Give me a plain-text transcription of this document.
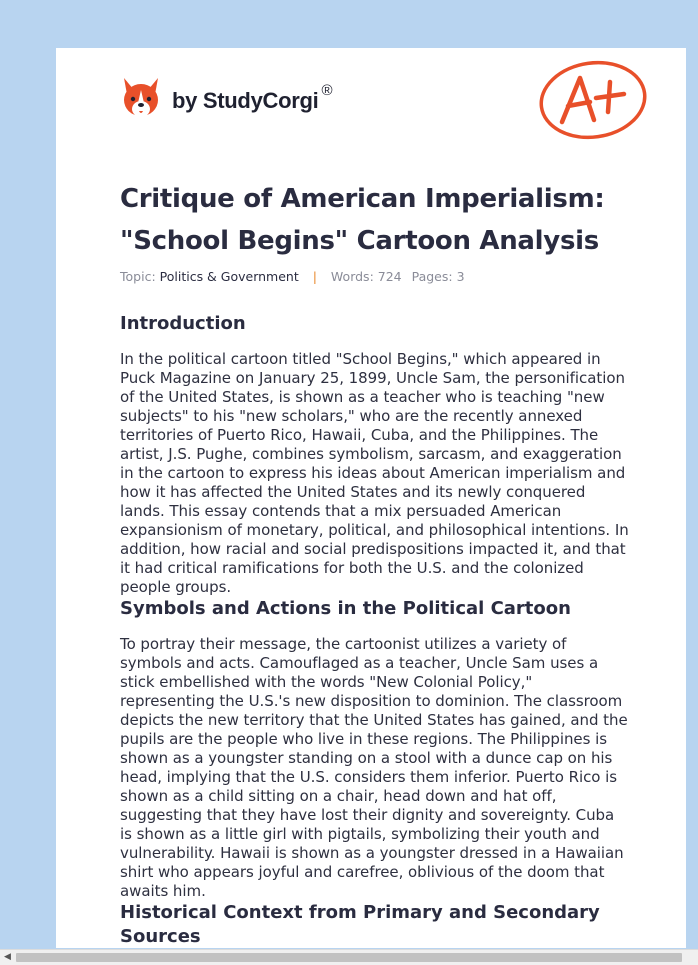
by StudyCorgi ®
Critique of American Imperialism: "School Begins" Cartoon Analysis
Topic: Politics & Government | Words: 724 Pages: 3
Introduction

In the political cartoon titled "School Begins," which appeared in Puck Magazine on January 25, 1899, Uncle Sam, the personification of the United States, is shown as a teacher who is teaching "new subjects" to his "new scholars," who are the recently annexed territories of Puerto Rico, Hawaii, Cuba, and the Philippines. The artist, J.S. Pughe, combines symbolism, sarcasm, and exaggeration in the cartoon to express his ideas about American imperialism and how it has affected the United States and its newly conquered lands. This essay contends that a mix persuaded American expansionism of monetary, political, and philosophical intentions. In addition, how racial and social predispositions impacted it, and that it had critical ramifications for both the U.S. and the colonized people groups.

Symbols and Actions in the Political Cartoon

To portray their message, the cartoonist utilizes a variety of symbols and acts. Camouflaged as a teacher, Uncle Sam uses a stick embellished with the words "New Colonial Policy," representing the U.S.'s new disposition to dominion. The classroom depicts the new territory that the United States has gained, and the pupils are the people who live in these regions. The Philippines is shown as a youngster standing on a stool with a dunce cap on his head, implying that the U.S. considers them inferior. Puerto Rico is shown as a child sitting on a chair, head down and hat off, suggesting that they have lost their dignity and sovereignty. Cuba is shown as a little girl with pigtails, symbolizing their youth and vulnerability. Hawaii is shown as a youngster dressed in a Hawaiian shirt who appears joyful and carefree, oblivious of the doom that awaits him.

Historical Context from Primary and Secondary Sources
◀
